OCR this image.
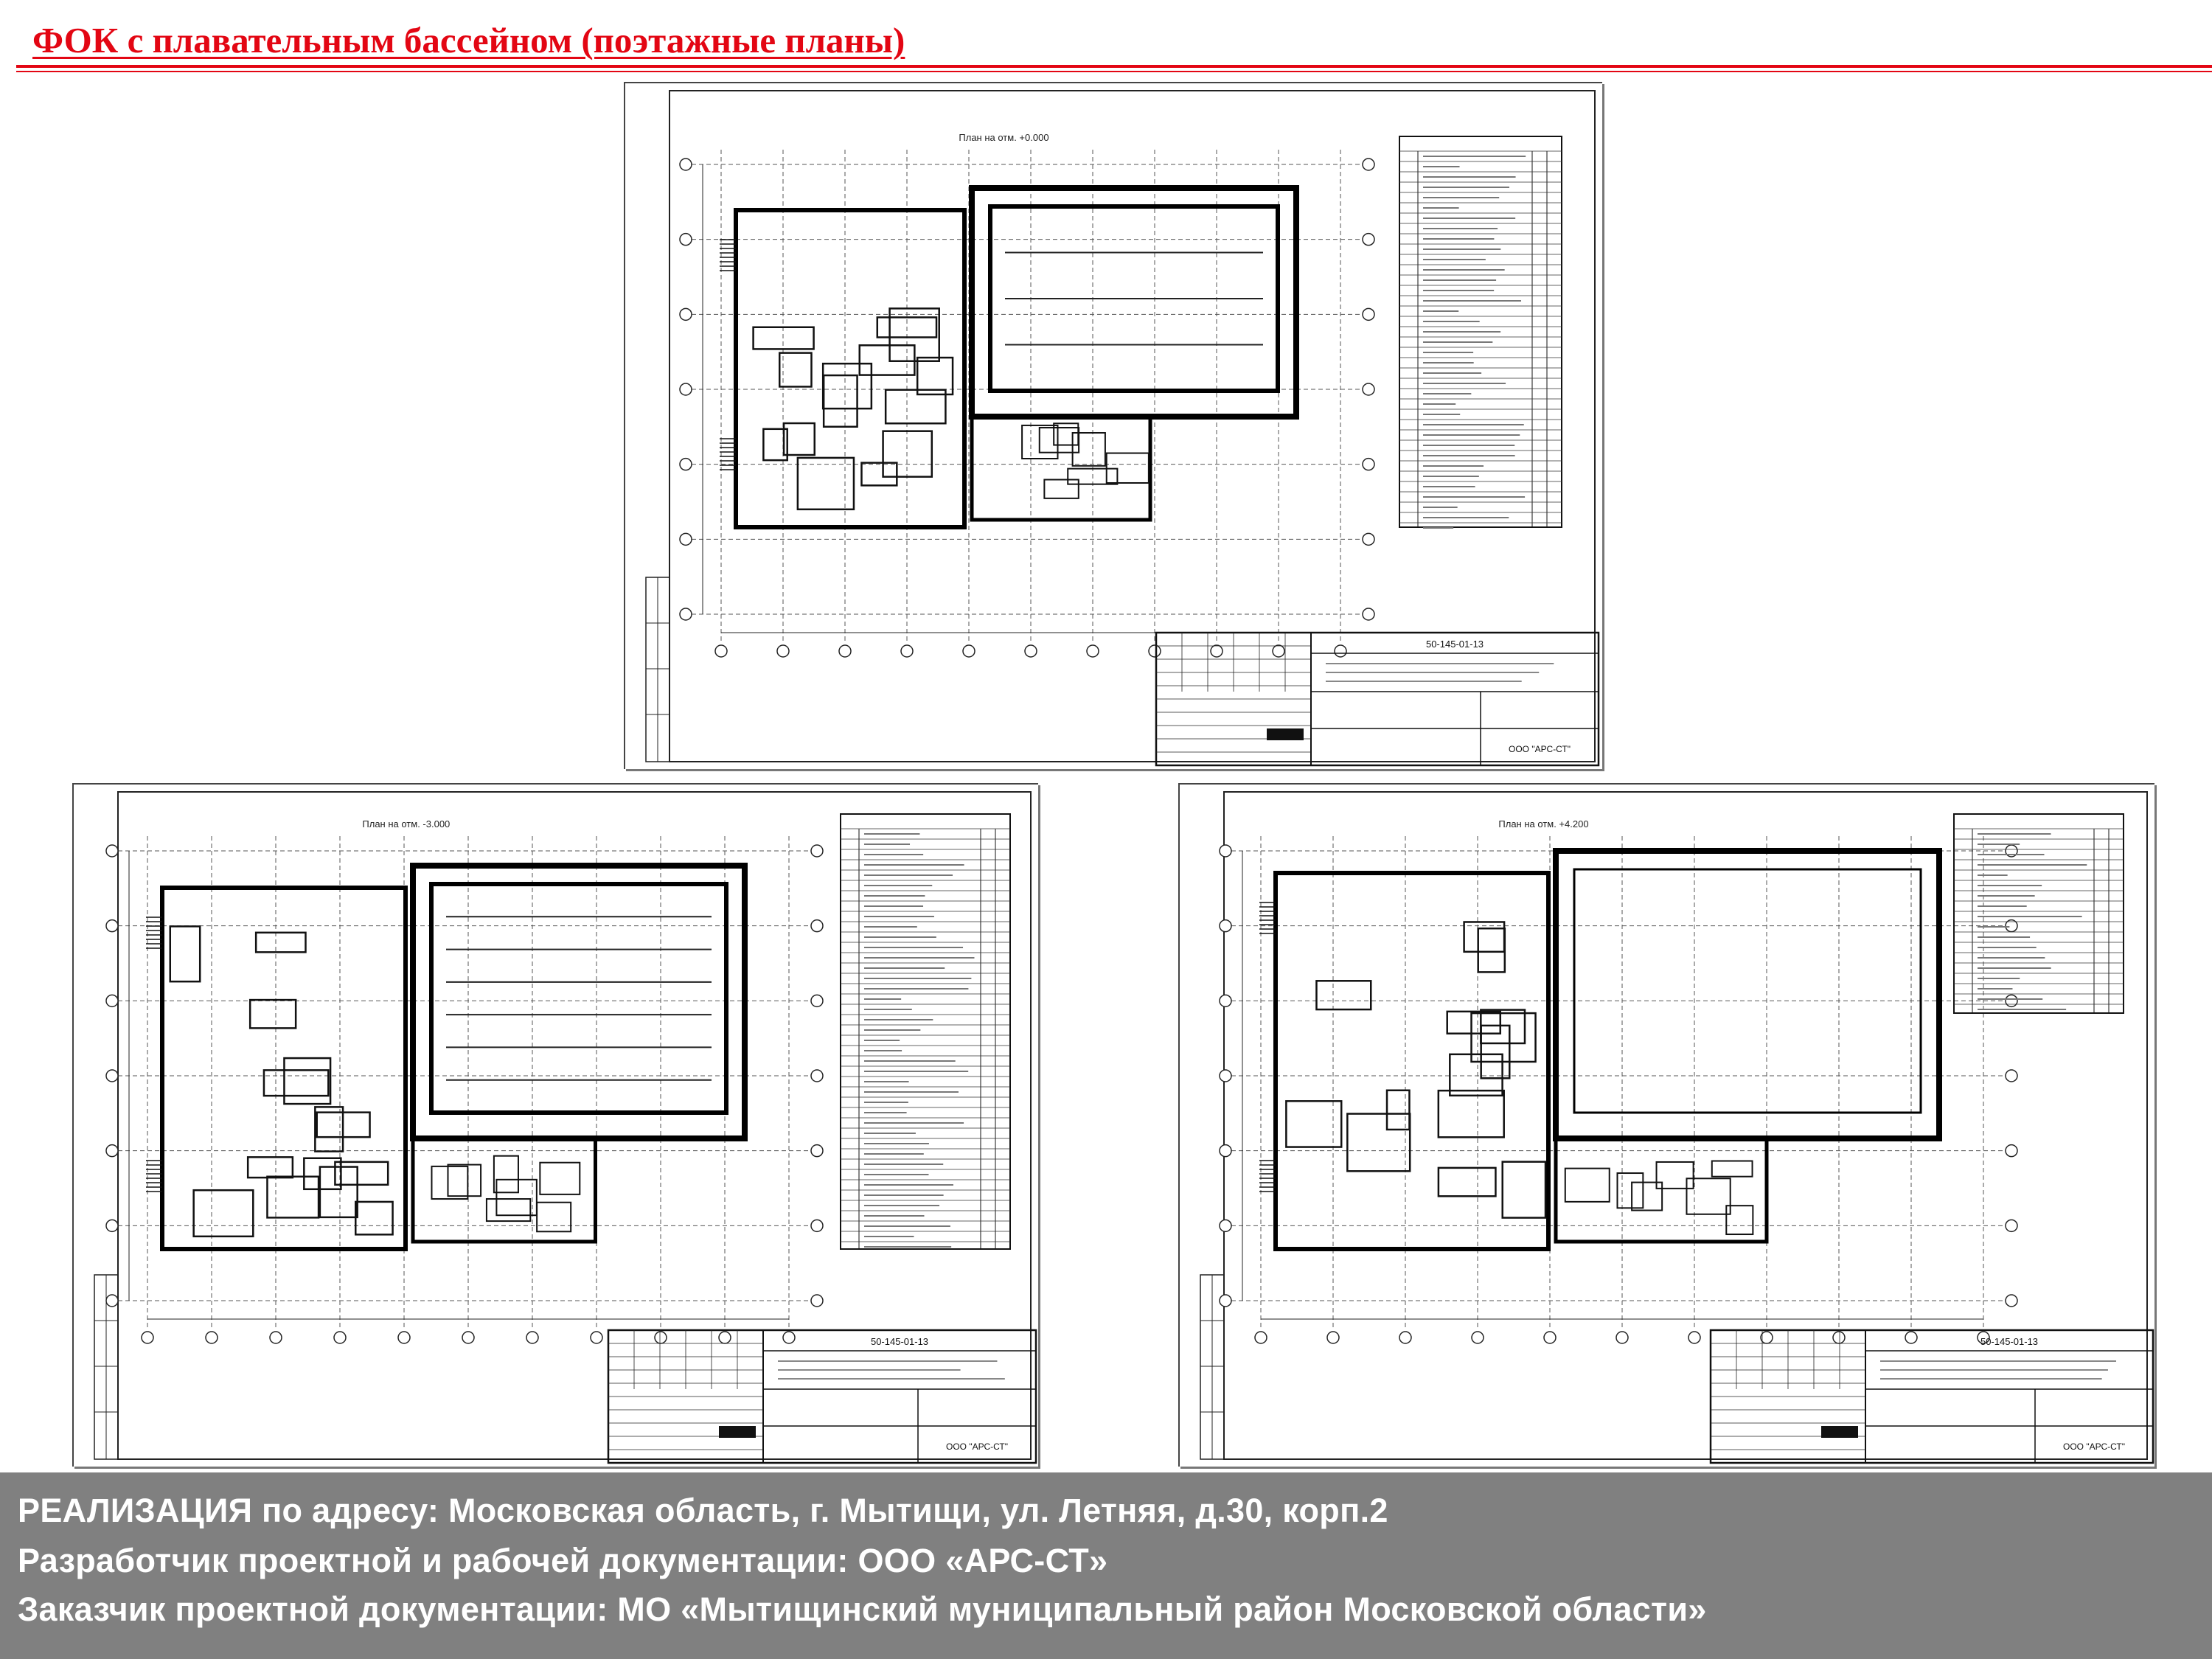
ФОК с плавательным бассейном (поэтажные планы)
План на отм. +0.000
50-145-01-13
ООО "АРС-СТ"
План на отм. -3.000
50-145-01-13
ООО "АРС-СТ"
План на отм. +4.200
50-145-01-13
ООО "АРС-СТ"
РЕАЛИЗАЦИЯ по адресу: Московская область, г. Мытищи, ул. Летняя, д.30, корп.2
Разработчик проектной и рабочей документации: ООО «АРС-СТ»
Заказчик проектной документации: МО «Мытищинский муниципальный район Московской области»
